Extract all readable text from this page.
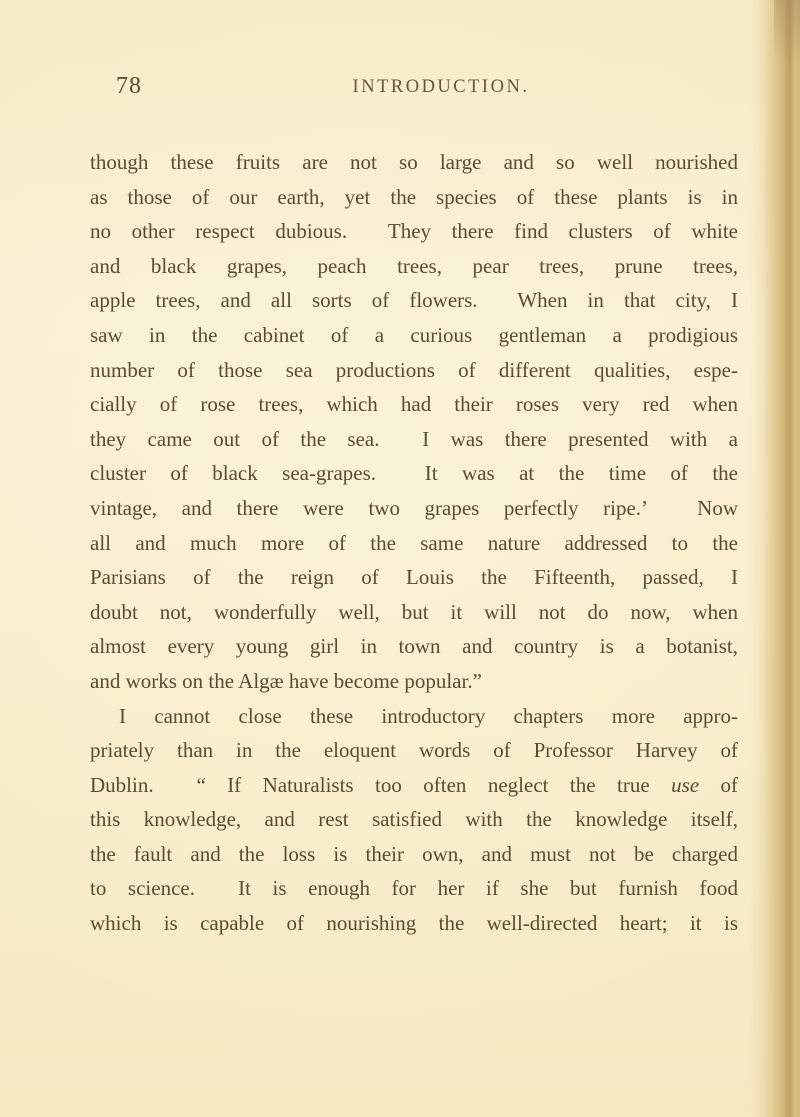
78	INTRODUCTION.
though these fruits are not so large and so well nourished
as those of our earth, yet the species of these plants is in
no other respect dubious.  They there find clusters of white
and black grapes, peach trees, pear trees, prune trees,
apple trees, and all sorts of flowers.  When in that city, I
saw in the cabinet of a curious gentleman a prodigious
number of those sea productions of different qualities, espe-
cially of rose trees, which had their roses very red when
they came out of the sea.  I was there presented with a
cluster of black sea-grapes.  It was at the time of the
vintage, and there were two grapes perfectly ripe.’  Now
all and much more of the same nature addressed to the
Parisians of the reign of Louis the Fifteenth, passed, I
doubt not, wonderfully well, but it will not do now, when
almost every young girl in town and country is a botanist,
and works on the Algæ have become popular.”
I cannot close these introductory chapters more appro-
priately than in the eloquent words of Professor Harvey of
Dublin.  “ If Naturalists too often neglect the true use of
this knowledge, and rest satisfied with the knowledge itself,
the fault and the loss is their own, and must not be charged
to science.  It is enough for her if she but furnish food
which is capable of nourishing the well-directed heart; it is
